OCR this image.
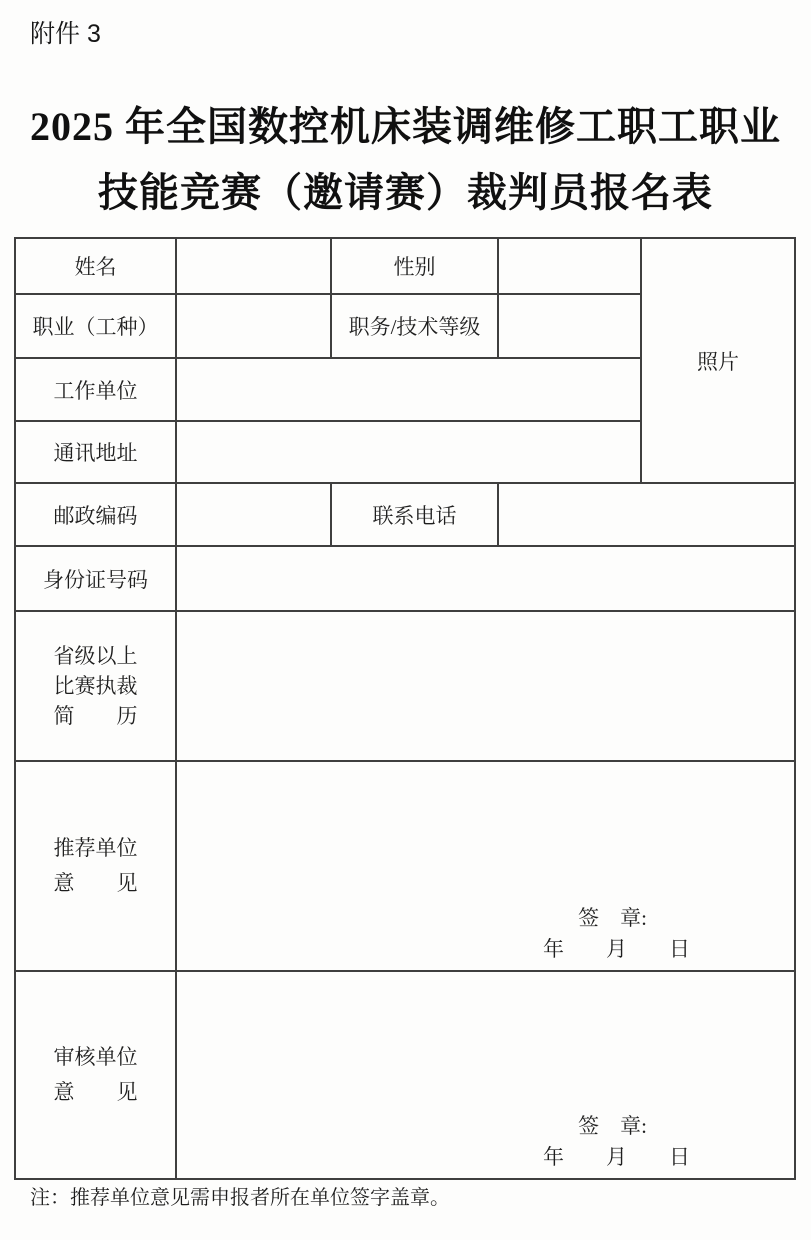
附件 3
2025 年全国数控机床装调维修工职工职业
技能竞赛（邀请赛）裁判员报名表
姓名		性别		照片
职业（工种）		职务/技术等级		
工作单位				
通讯地址				
邮政编码		联系电话		
身份证号码				

省级以上
比赛执裁
简　　历				

推荐单位
意　　见

签　章:
年　　月　　日

审核单位
意　　见

签　章:
年　　月　　日
注：推荐单位意见需申报者所在单位签字盖章。
